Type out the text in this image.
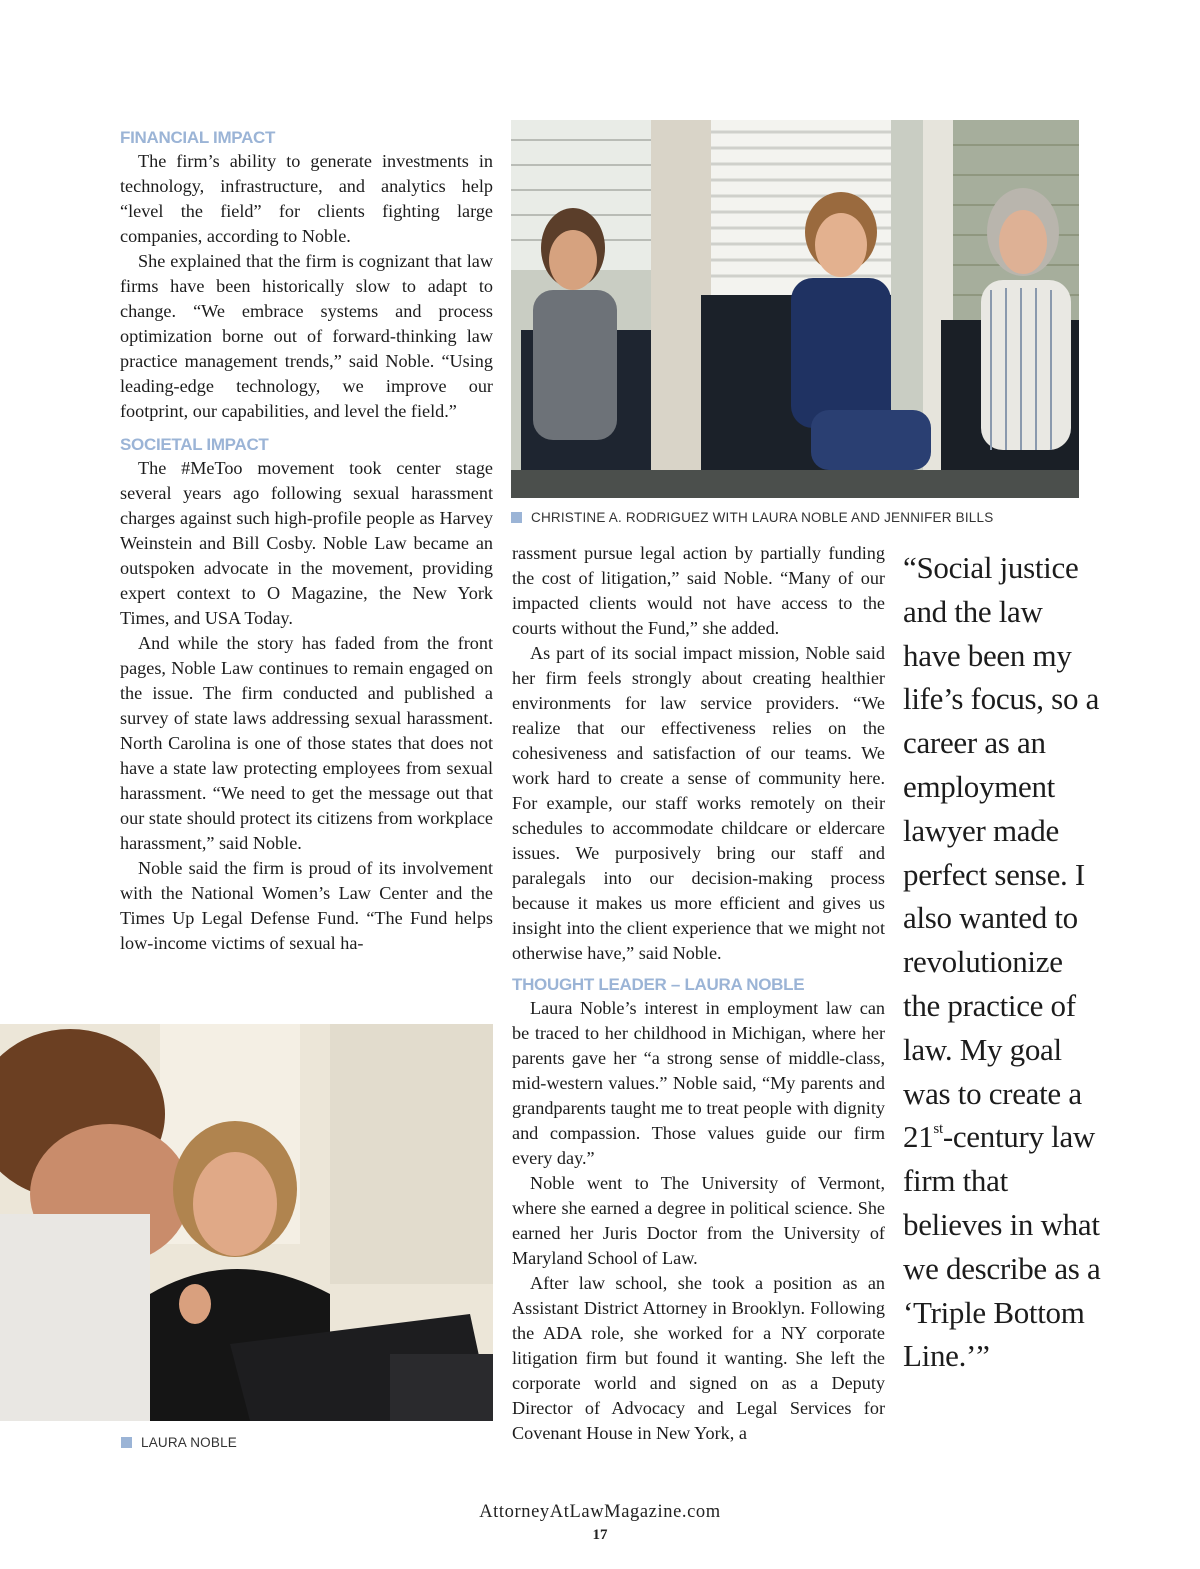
FINANCIAL IMPACT

The firm’s ability to generate investments in technology, infrastructure, and analytics help “level the field” for clients fighting large companies, according to Noble.

She explained that the firm is cognizant that law firms have been historically slow to adapt to change. “We embrace systems and process optimization borne out of forward-thinking law practice management trends,” said Noble. “Using leading-edge technology, we improve our footprint, our capabilities, and level the field.”

SOCIETAL IMPACT

The #MeToo movement took center stage several years ago following sexual harassment charges against such high-profile people as Harvey Weinstein and Bill Cosby. Noble Law became an outspoken advocate in the movement, providing expert context to O Magazine, the New York Times, and USA Today.

And while the story has faded from the front pages, Noble Law continues to remain engaged on the issue. The firm conducted and published a survey of state laws addressing sexual harassment. North Carolina is one of those states that does not have a state law protecting employees from sexual harassment. “We need to get the message out that our state should protect its citizens from workplace harassment,” said Noble.

Noble said the firm is proud of its involvement with the National Women’s Law Center and the Times Up Legal Defense Fund. “The Fund helps low-income victims of sexual ha-

CHRISTINE A. RODRIGUEZ WITH LAURA NOBLE AND JENNIFER BILLS

rassment pursue legal action by partially funding the cost of litigation,” said Noble. “Many of our impacted clients would not have access to the courts without the Fund,” she added.

As part of its social impact mission, Noble said her firm feels strongly about creating healthier environments for law service providers. “We realize that our effectiveness relies on the cohesiveness and satisfaction of our teams. We work hard to create a sense of community here. For example, our staff works remotely on their schedules to accommodate childcare or eldercare issues. We purposively bring our staff and paralegals into our decision-making process because it makes us more efficient and gives us insight into the client experience that we might not otherwise have,” said Noble.

THOUGHT LEADER – LAURA NOBLE

Laura Noble’s interest in employment law can be traced to her childhood in Michigan, where her parents gave her “a strong sense of middle-class, mid-western values.” Noble said, “My parents and grandparents taught me to treat people with dignity and compassion. Those values guide our firm every day.”

Noble went to The University of Vermont, where she earned a degree in political science. She earned her Juris Doctor from the University of Maryland School of Law.

After law school, she took a position as an Assistant District Attorney in Brooklyn. Following the ADA role, she worked for a NY corporate litigation firm but found it wanting. She left the corporate world and signed on as a Deputy Director of Advocacy and Legal Services for Covenant House in New York, a

“Social justice and the law have been my life’s focus, so a career as an employment lawyer made perfect sense. I also wanted to revolutionize the practice of law. My goal was to create a 21st-century law firm that believes in what we describe as a ‘Triple Bottom Line.’”
LAURA NOBLE
AttorneyAtLawMagazine.com
17
